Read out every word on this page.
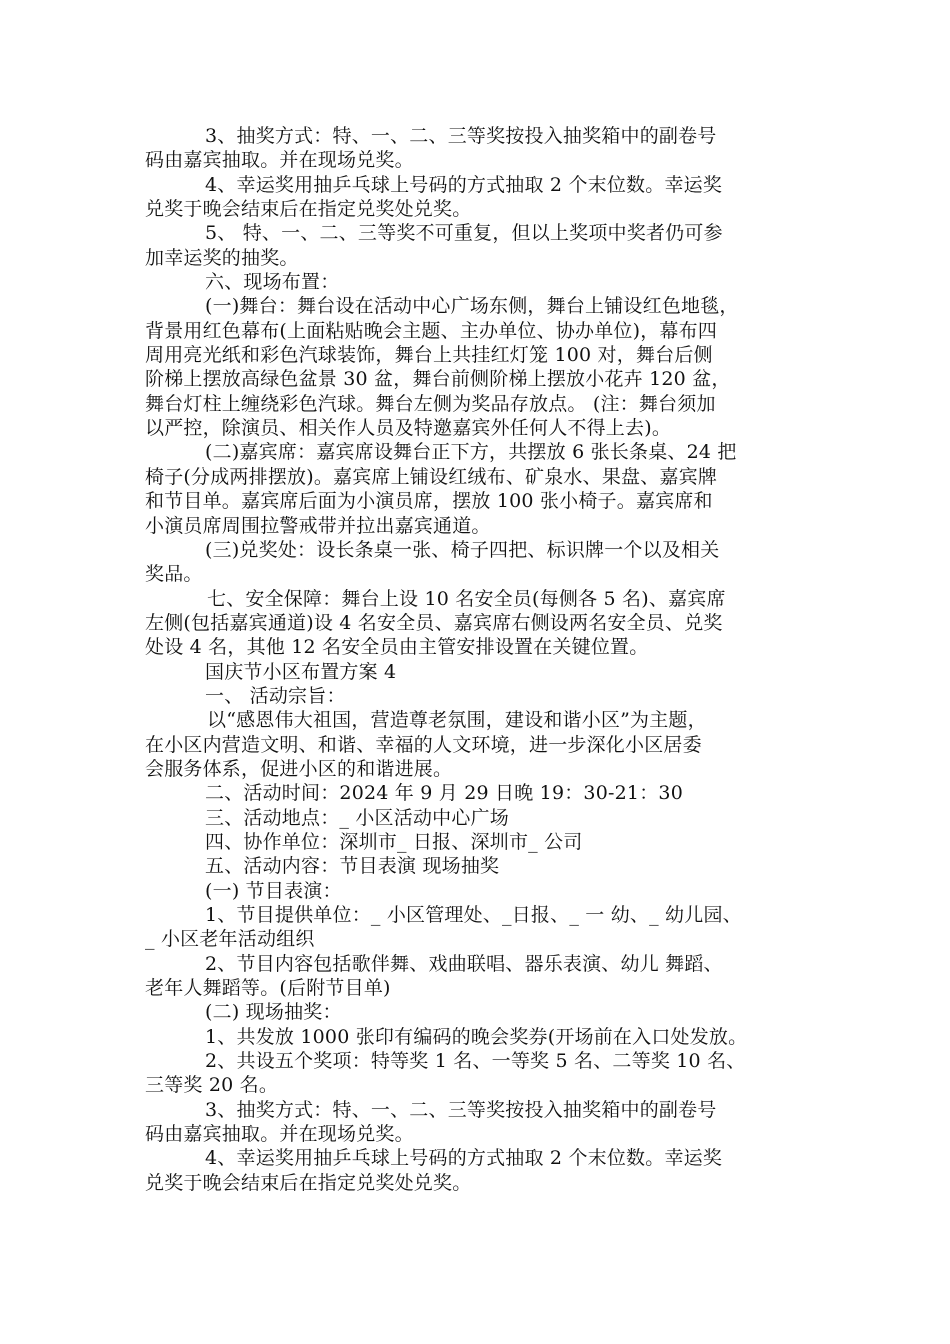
3、抽奖方式：特、一、二、三等奖按投入抽奖箱中的副卷号
码由嘉宾抽取。并在现场兑奖。
4、幸运奖用抽乒乓球上号码的方式抽取 2 个末位数。幸运奖
兑奖于晚会结束后在指定兑奖处兑奖。
5、 特、一、二、三等奖不可重复，但以上奖项中奖者仍可参
加幸运奖的抽奖。
六、现场布置：
(一)舞台：舞台设在活动中心广场东侧，舞台上铺设红色地毯，
背景用红色幕布(上面粘贴晚会主题、主办单位、协办单位)，幕布四
周用亮光纸和彩色汽球装饰，舞台上共挂红灯笼 100 对，舞台后侧
阶梯上摆放高绿色盆景 30 盆，舞台前侧阶梯上摆放小花卉 120 盆，
舞台灯柱上缠绕彩色汽球。舞台左侧为奖品存放点。 (注：舞台须加
以严控，除演员、相关作人员及特邀嘉宾外任何人不得上去)。
(二)嘉宾席：嘉宾席设舞台正下方，共摆放 6 张长条桌、24 把
椅子(分成两排摆放)。嘉宾席上铺设红绒布、矿泉水、果盘、嘉宾牌
和节目单。嘉宾席后面为小演员席，摆放 100 张小椅子。嘉宾席和
小演员席周围拉警戒带并拉出嘉宾通道。
(三)兑奖处：设长条桌一张、椅子四把、标识牌一个以及相关
奖品。
七、安全保障：舞台上设 10 名安全员(每侧各 5 名)、嘉宾席
左侧(包括嘉宾通道)设 4 名安全员、嘉宾席右侧设两名安全员、兑奖
处设 4 名，其他 12 名安全员由主管安排设置在关键位置。
国庆节小区布置方案 4
一、 活动宗旨：
以“感恩伟大祖国，营造尊老氛围，建设和谐小区”为主题，
在小区内营造文明、和谐、幸福的人文环境，进一步深化小区居委
会服务体系，促进小区的和谐进展。
二、活动时间：2024 年 9 月 29 日晚 19：30-21：30
三、活动地点：_ 小区活动中心广场
四、协作单位：深圳市_ 日报、深圳市_ 公司
五、活动内容：节目表演 现场抽奖
(一) 节目表演：
1、节目提供单位：_ 小区管理处、_日报、_ 一 幼、_ 幼儿园、
_ 小区老年活动组织
2、节目内容包括歌伴舞、戏曲联唱、器乐表演、幼儿 舞蹈、
老年人舞蹈等。(后附节目单)
(二) 现场抽奖：
1、共发放 1000 张印有编码的晚会奖券(开场前在入口处发放。
2、共设五个奖项：特等奖 1 名、一等奖 5 名、二等奖 10 名、
三等奖 20 名。
3、抽奖方式：特、一、二、三等奖按投入抽奖箱中的副卷号
码由嘉宾抽取。并在现场兑奖。
4、幸运奖用抽乒乓球上号码的方式抽取 2 个末位数。幸运奖
兑奖于晚会结束后在指定兑奖处兑奖。
